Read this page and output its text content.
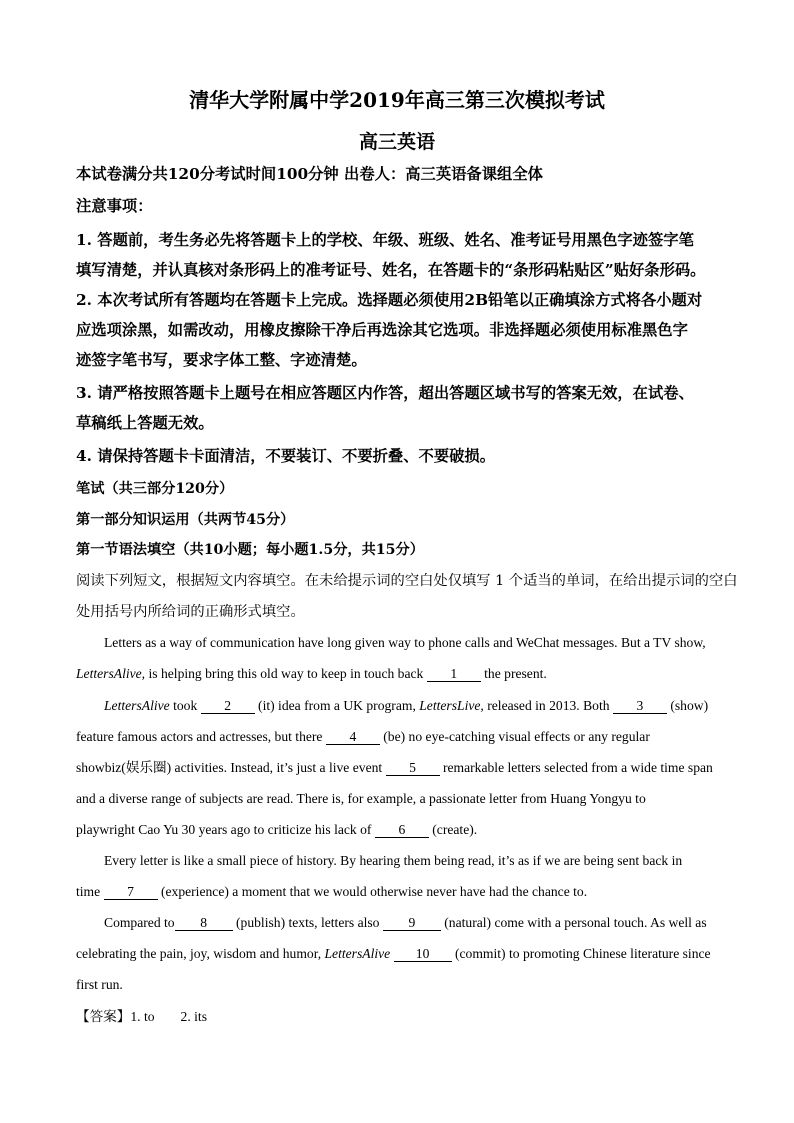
清华大学附属中学2019年高三第三次模拟考试
高三英语
本试卷满分共120分考试时间100分钟 出卷人：高三英语备课组全体
注意事项：
1. 答题前，考生务必先将答题卡上的学校、年级、班级、姓名、准考证号用黑色字迹签字笔
填写清楚，并认真核对条形码上的准考证号、姓名，在答题卡的“条形码粘贴区”贴好条形码。
2. 本次考试所有答题均在答题卡上完成。选择题必须使用2B铅笔以正确填涂方式将各小题对
应选项涂黑，如需改动，用橡皮擦除干净后再选涂其它选项。非选择题必须使用标准黑色字
迹签字笔书写，要求字体工整、字迹清楚。
3. 请严格按照答题卡上题号在相应答题区内作答，超出答题区域书写的答案无效，在试卷、
草稿纸上答题无效。
4. 请保持答题卡卡面清洁，不要装订、不要折叠、不要破损。
笔试（共三部分120分）
第一部分知识运用（共两节45分）
第一节语法填空（共10小题；每小题1.5分，共15分）
阅读下列短文，根据短文内容填空。在未给提示词的空白处仅填写 1 个适当的单词，在给出提示词的空白
处用括号内所给词的正确形式填空。
Letters as a way of communication have long given way to phone calls and WeChat messages. But a TV show,
LettersAlive, is helping bring this old way to keep in touch back 1 the present.
LettersAlive took 2 (it) idea from a UK program, LettersLive, released in 2013. Both 3 (show)
feature famous actors and actresses, but there 4 (be) no eye-catching visual effects or any regular
showbiz(娱乐圈) activities. Instead, it’s just a live event 5 remarkable letters selected from a wide time span
and a diverse range of subjects are read. There is, for example, a passionate letter from Huang Yongyu to
playwright Cao Yu 30 years ago to criticize his lack of 6 (create).
Every letter is like a small piece of history. By hearing them being read, it’s as if we are being sent back in
time 7 (experience) a moment that we would otherwise never have had the chance to.
Compared to 8 (publish) texts, letters also 9 (natural) come with a personal touch. As well as
celebrating the pain, joy, wisdom and humor, LettersAlive 10 (commit) to promoting Chinese literature since
first run.
【答案】1. to 2. its
